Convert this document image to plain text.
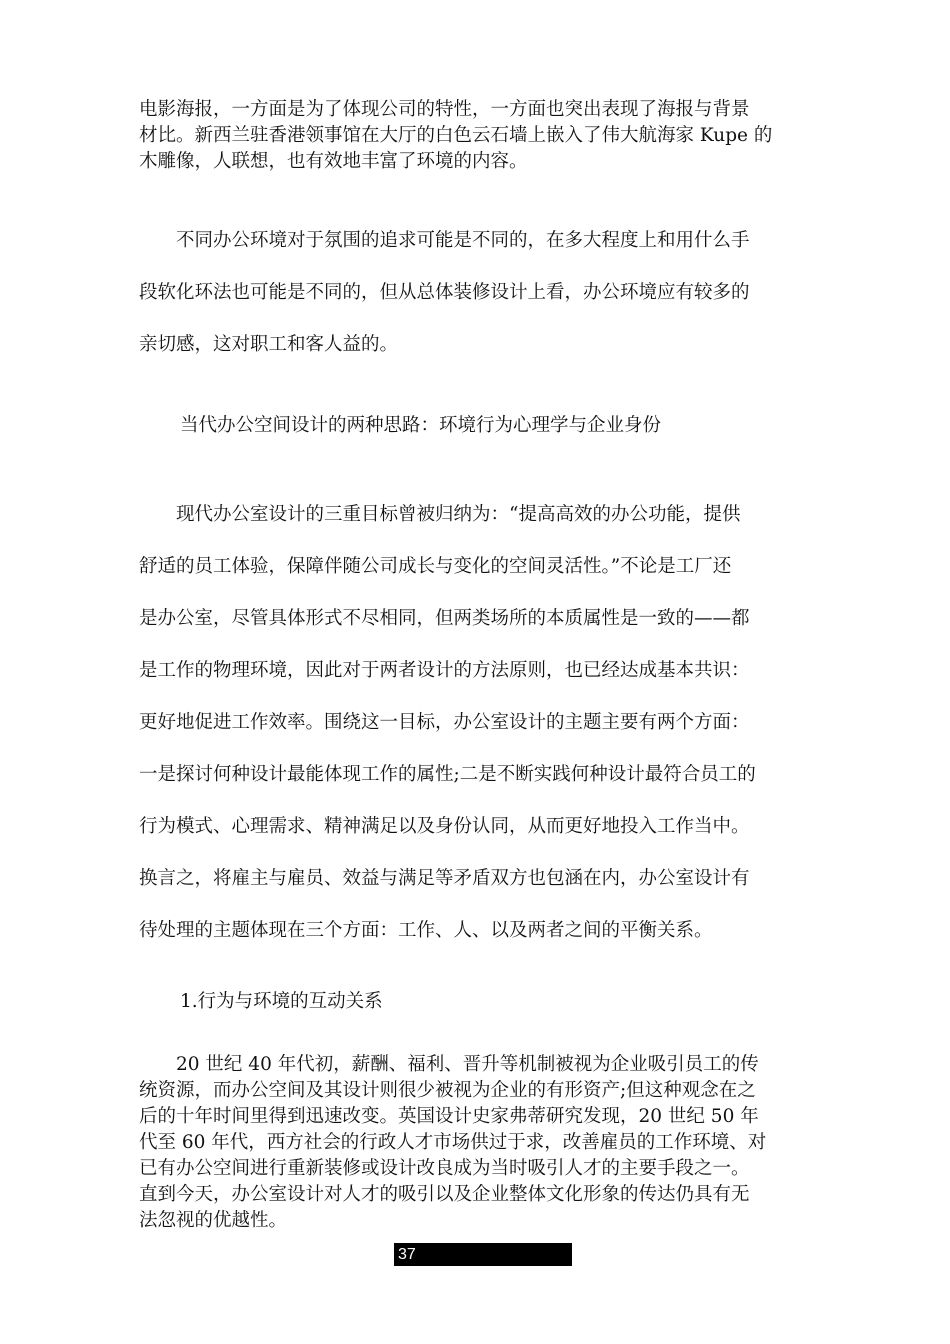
电影海报，一方面是为了体现公司的特性，一方面也突出表现了海报与背景
材比。新西兰驻香港领事馆在大厅的白色云石墙上嵌入了伟大航海家 Kupe 的
木雕像，人联想，也有效地丰富了环境的内容。
　　不同办公环境对于氛围的追求可能是不同的，在多大程度上和用什么手
段软化环法也可能是不同的，但从总体装修设计上看，办公环境应有较多的
亲切感，这对职工和客人益的。

当代办公空间设计的两种思路：环境行为心理学与企业身份

　　现代办公室设计的三重目标曾被归纳为：“提高高效的办公功能，提供
舒适的员工体验，保障伴随公司成长与变化的空间灵活性。”不论是工厂还
是办公室，尽管具体形式不尽相同，但两类场所的本质属性是一致的——都
是工作的物理环境，因此对于两者设计的方法原则，也已经达成基本共识：
更好地促进工作效率。围绕这一目标，办公室设计的主题主要有两个方面：
一是探讨何种设计最能体现工作的属性;二是不断实践何种设计最符合员工的
行为模式、心理需求、精神满足以及身份认同，从而更好地投入工作当中。
换言之，将雇主与雇员、效益与满足等矛盾双方也包涵在内，办公室设计有
待处理的主题体现在三个方面：工作、人、以及两者之间的平衡关系。

1.行为与环境的互动关系

　　20 世纪 40 年代初，薪酬、福利、晋升等机制被视为企业吸引员工的传
统资源，而办公空间及其设计则很少被视为企业的有形资产;但这种观念在之
后的十年时间里得到迅速改变。英国设计史家弗蒂研究发现，20 世纪 50 年
代至 60 年代，西方社会的行政人才市场供过于求，改善雇员的工作环境、对
已有办公空间进行重新装修或设计改良成为当时吸引人才的主要手段之一。
直到今天，办公室设计对人才的吸引以及企业整体文化形象的传达仍具有无
法忽视的优越性。
37
